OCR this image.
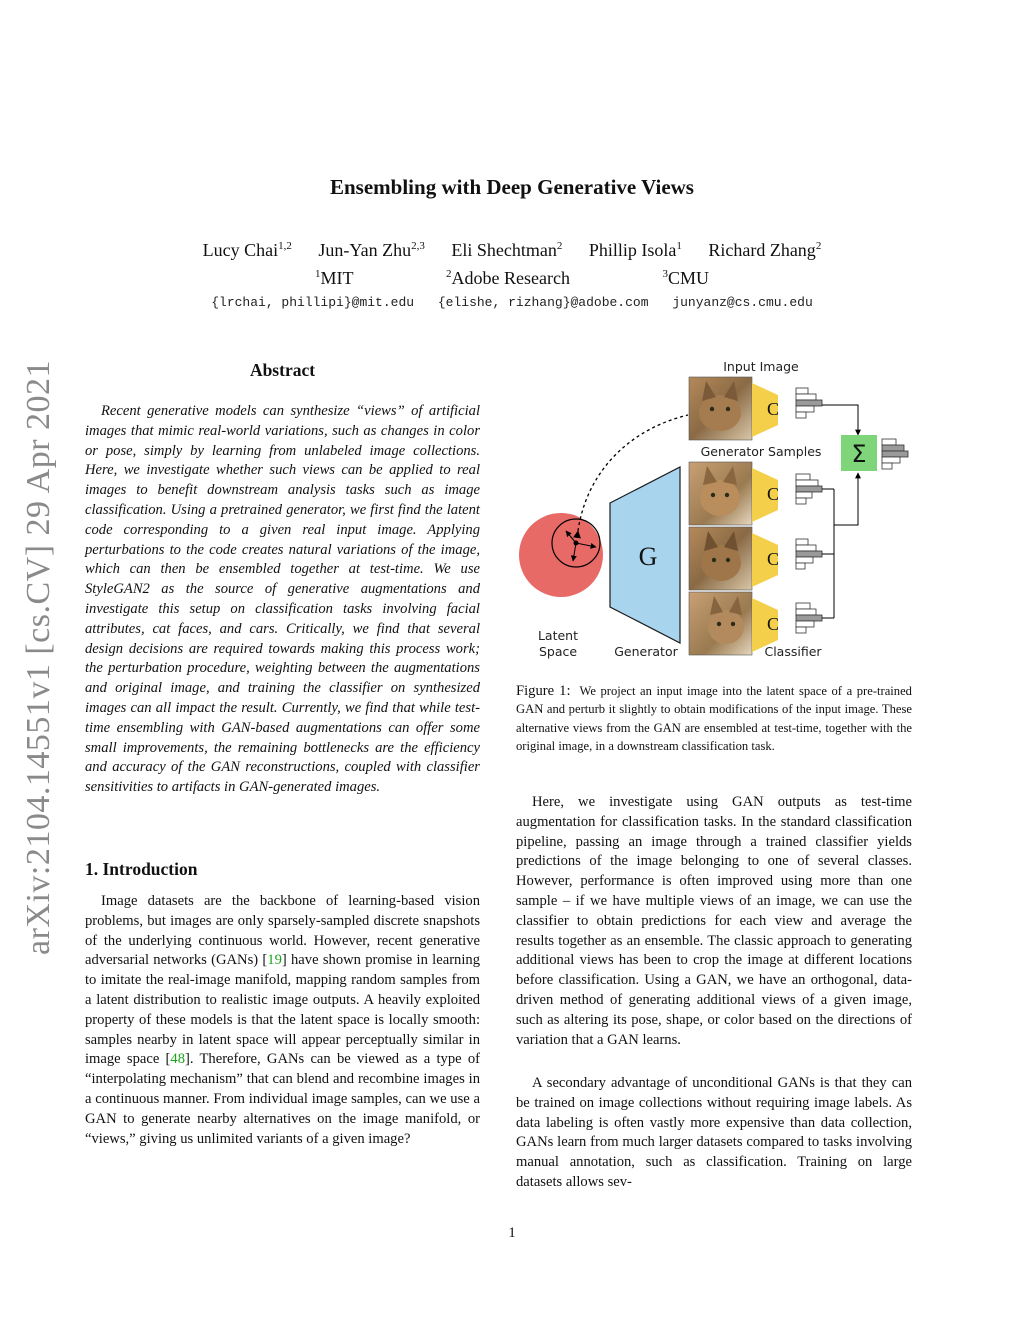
arXiv:2104.14551v1 [cs.CV] 29 Apr 2021
Ensembling with Deep Generative Views
Lucy Chai$^{1,2}$ Jun-Yan Zhu$^{2,3}$ Eli Shechtman$^2$ Phillip Isola$^1$ Richard Zhang$^2$
$^1$MIT	$^2$Adobe Research	$^3$CMU
{lrchai, phillipi}@mit.edu {elishe, rizhang}@adobe.com junyanz@cs.cmu.edu
Abstract
Recent generative models can synthesize “views” of artificial images that mimic real-world variations, such as changes in color or pose, simply by learning from unlabeled image collections. Here, we investigate whether such views can be applied to real images to benefit downstream analysis tasks such as image classification. Using a pretrained generator, we first find the latent code corresponding to a given real input image. Applying perturbations to the code creates natural variations of the image, which can then be ensembled together at test-time. We use StyleGAN2 as the source of generative augmentations and investigate this setup on classification tasks involving facial attributes, cat faces, and cars. Critically, we find that several design decisions are required towards making this process work; the perturbation procedure, weighting between the augmentations and original image, and training the classifier on synthesized images can all impact the result. Currently, we find that while test-time ensembling with GAN-based augmentations can offer some small improvements, the remaining bottlenecks are the efficiency and accuracy of the GAN reconstructions, coupled with classifier sensitivities to artifacts in GAN-generated images.
1. Introduction
Image datasets are the backbone of learning-based vision problems, but images are only sparsely-sampled discrete snapshots of the underlying continuous world. However, recent generative adversarial networks (GANs) [19] have shown promise in learning to imitate the real-image manifold, mapping random samples from a latent distribution to realistic image outputs. A heavily exploited property of these models is that the latent space is locally smooth: samples nearby in latent space will appear perceptually similar in image space [48]. Therefore, GANs can be viewed as a type of “interpolating mechanism” that can blend and recombine images in a continuous manner. From individual image samples, can we use a GAN to generate nearby alternatives on the image manifold, or “views,” giving us unlimited variants of a given image?
Latent
Space
G
Generator
Input Image
Generator Samples
Classifier
C
C
C
C
Σ
Figure 1: We project an input image into the latent space of a pre-trained GAN and perturb it slightly to obtain modifications of the input image. These alternative views from the GAN are ensembled at test-time, together with the original image, in a downstream classification task.
Here, we investigate using GAN outputs as test-time augmentation for classification tasks. In the standard classification pipeline, passing an image through a trained classifier yields predictions of the image belonging to one of several classes. However, performance is often improved using more than one sample – if we have multiple views of an image, we can use the classifier to obtain predictions for each view and average the results together as an ensemble. The classic approach to generating additional views has been to crop the image at different locations before classification. Using a GAN, we have an orthogonal, data-driven method of generating additional views of a given image, such as altering its pose, shape, or color based on the directions of variation that a GAN learns.
A secondary advantage of unconditional GANs is that they can be trained on image collections without requiring image labels. As data labeling is often vastly more expensive than data collection, GANs learn from much larger datasets compared to tasks involving manual annotation, such as classification. Training on large datasets allows sev-
1
